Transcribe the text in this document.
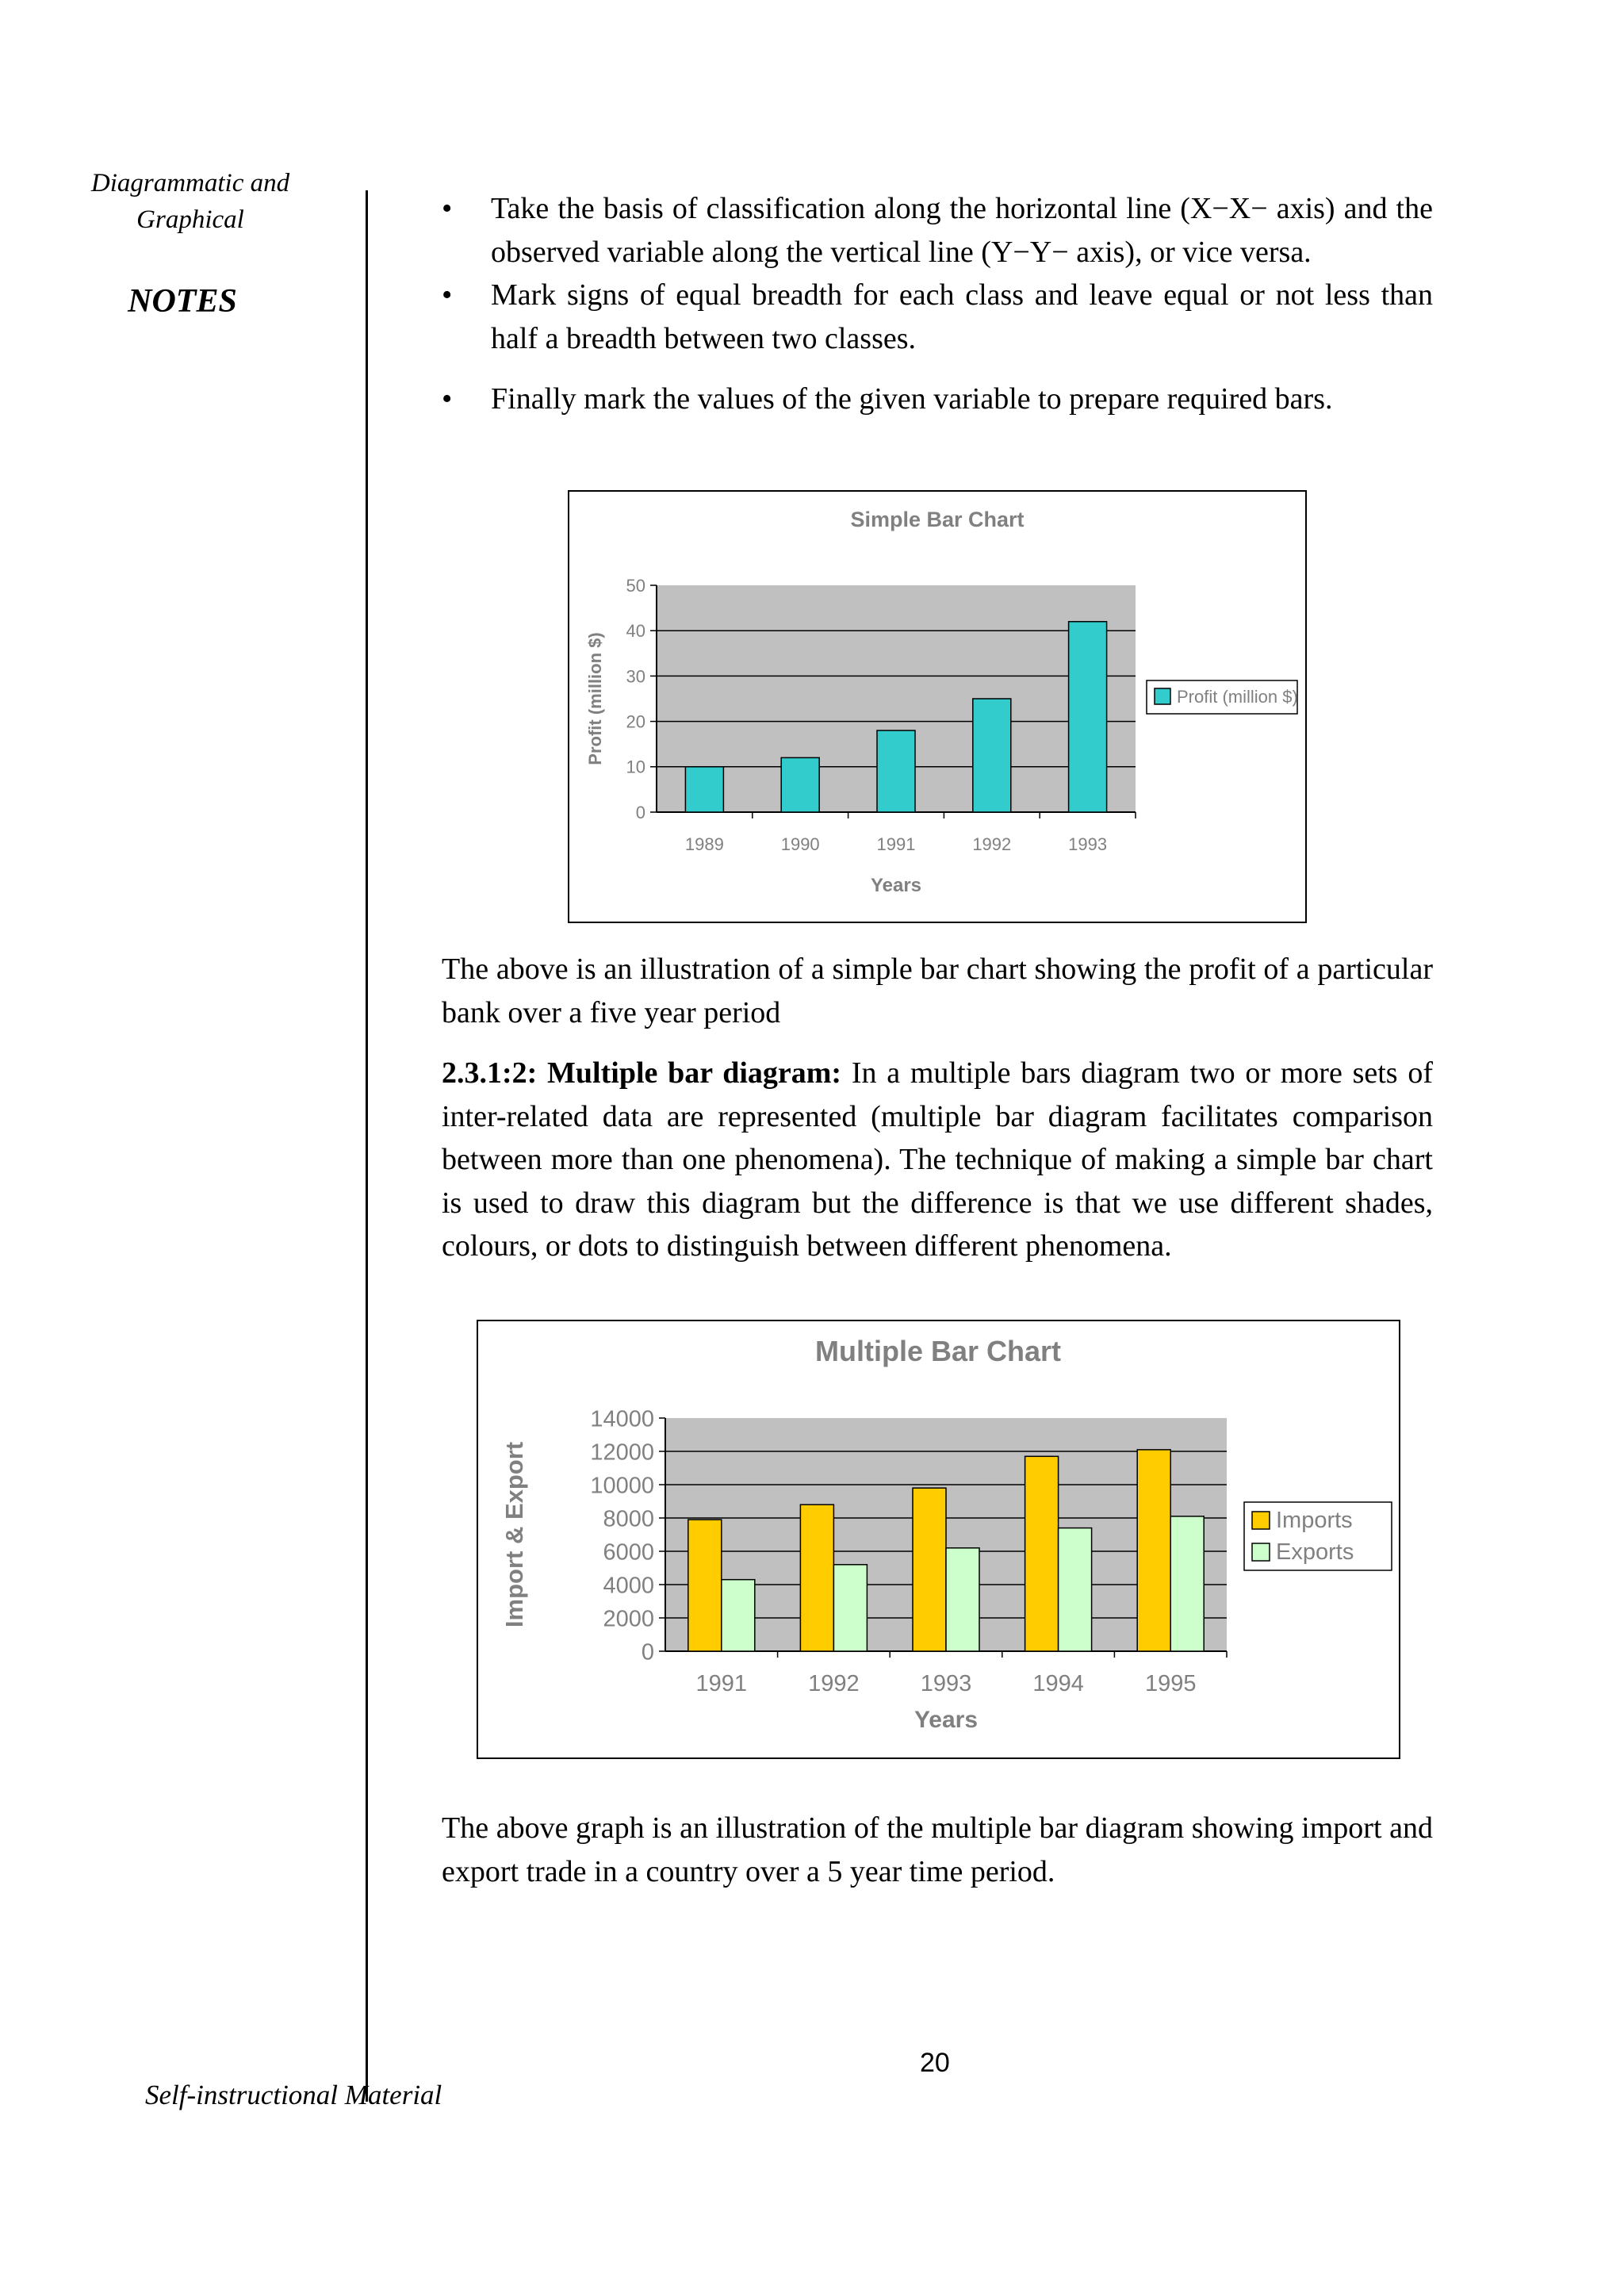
Diagrammatic and
Graphical
NOTES
Self-instructional Material
• Take the basis of classification along the horizontal line (X−X− axis) and the observed variable along the vertical line (Y−Y− axis), or vice versa.
• Mark signs of equal breadth for each class and leave equal or not less than half a breadth between two classes.
• Finally mark the values of the given variable to prepare required bars.
Simple Bar Chart
0
10
20
30
40
50
1989	1990	1991	1992	1993
Years
Profit (million $)	Profit (million $)
The above is an illustration of a simple bar chart showing the profit of a particular bank over a five year period
2.3.1:2: Multiple bar diagram: In a multiple bars diagram two or more sets of inter-related data are represented (multiple bar diagram facilitates comparison between more than one phenomena). The technique of making a simple bar chart is used to draw this diagram but the difference is that we use different shades, colours, or dots to distinguish between different phenomena.
Multiple Bar Chart
0
2000
4000
6000
8000
10000
12000
14000
1991	1992	1993	1994	1995
Years
Import & Export	Imports
Exports
The above graph is an illustration of the multiple bar diagram showing import and export trade in a country over a 5 year time period.
20
